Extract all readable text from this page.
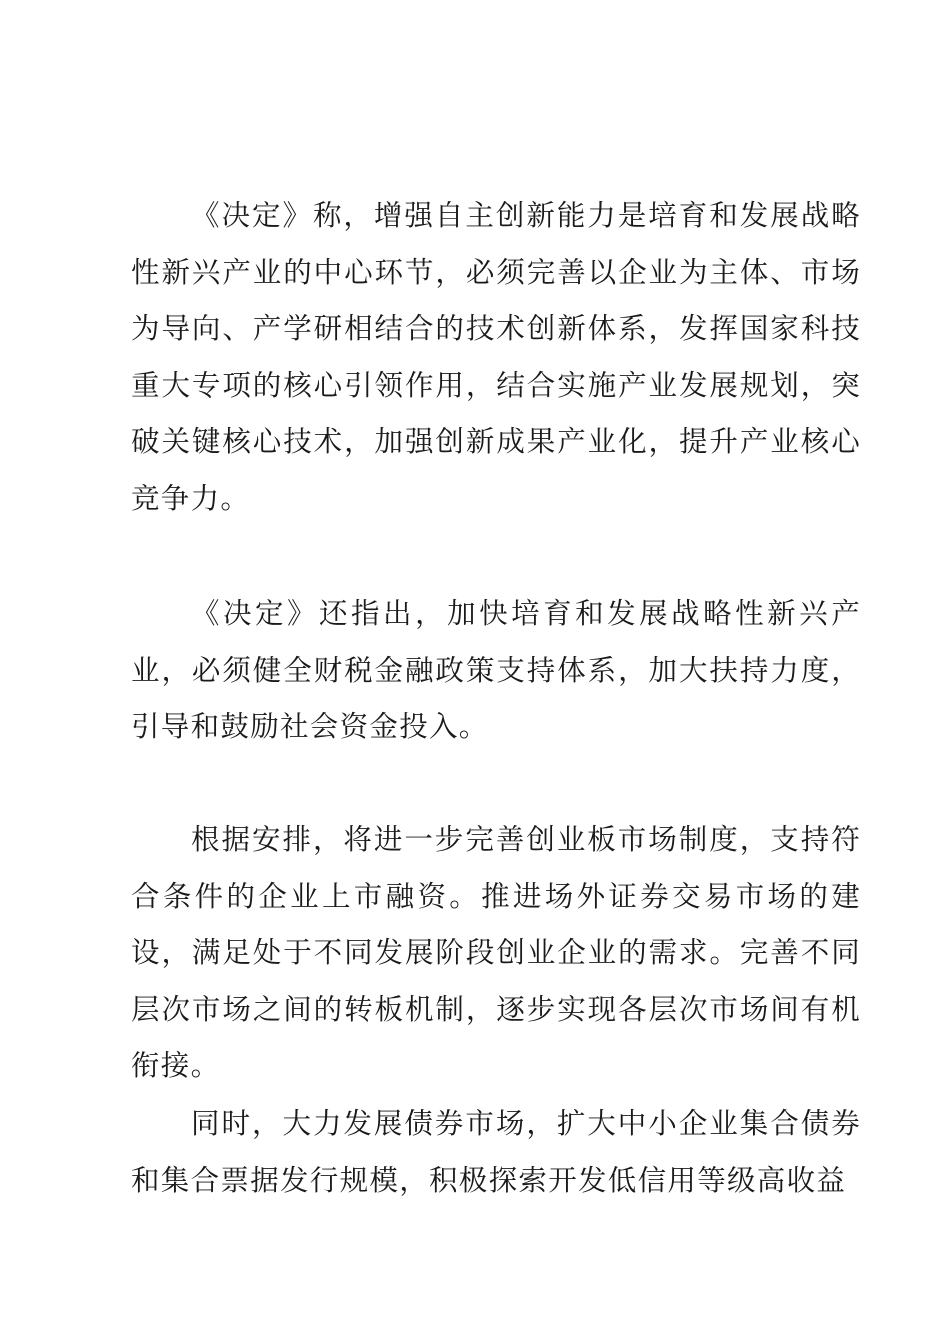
《决定》称，增强自主创新能力是培育和发展战略性新兴产业的中心环节，必须完善以企业为主体、市场为导向、产学研相结合的技术创新体系，发挥国家科技重大专项的核心引领作用，结合实施产业发展规划，突破关键核心技术，加强创新成果产业化，提升产业核心竞争力。

《决定》还指出，加快培育和发展战略性新兴产业，必须健全财税金融政策支持体系，加大扶持力度，引导和鼓励社会资金投入。

根据安排，将进一步完善创业板市场制度，支持符合条件的企业上市融资。推进场外证券交易市场的建设，满足处于不同发展阶段创业企业的需求。完善不同层次市场之间的转板机制，逐步实现各层次市场间有机衔接。

同时，大力发展债券市场，扩大中小企业集合债券和集合票据发行规模，积极探索开发低信用等级高收益
